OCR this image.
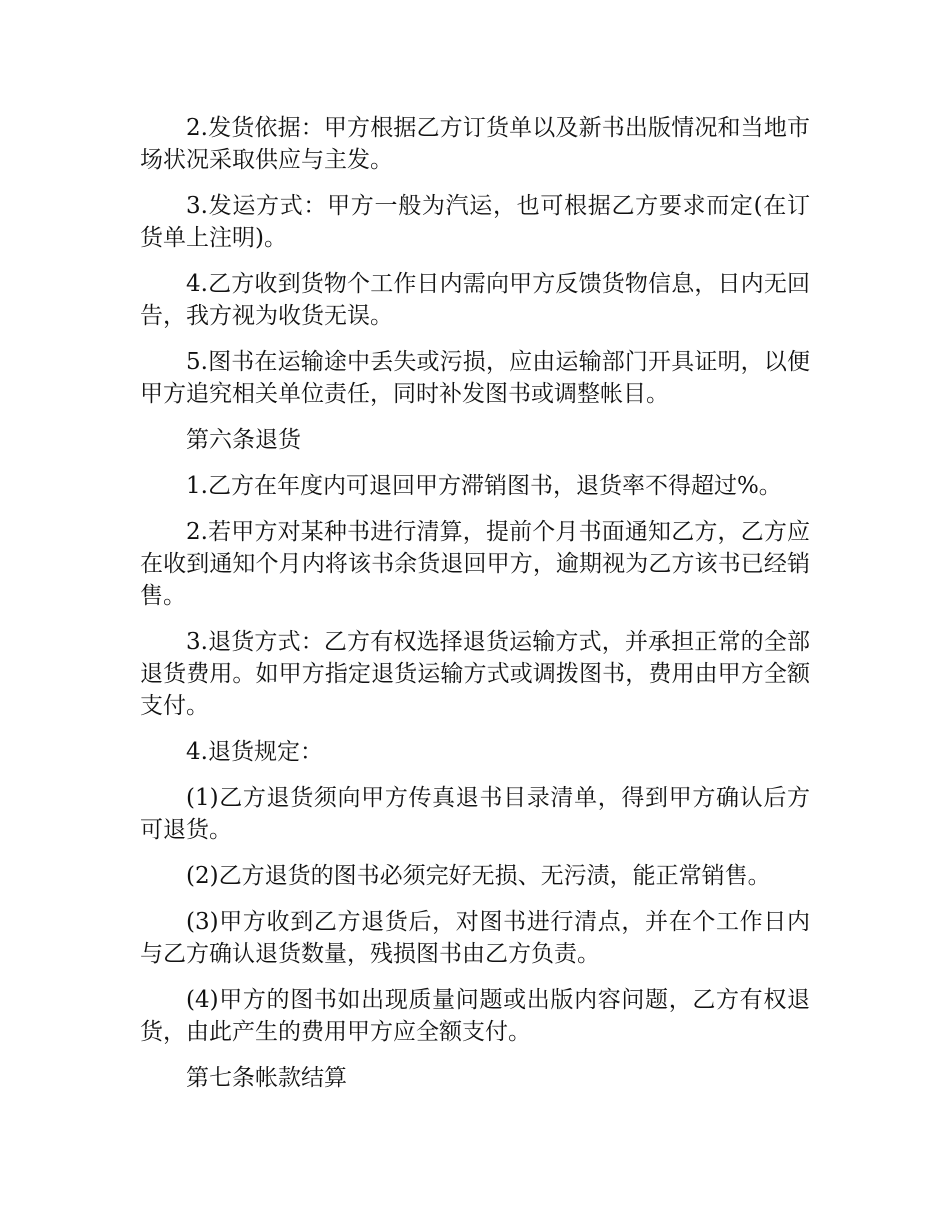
2.发货依据：甲方根据乙方订货单以及新书出版情况和当地市场状况采取供应与主发。

3.发运方式：甲方一般为汽运，也可根据乙方要求而定(在订货单上注明)。

4.乙方收到货物个工作日内需向甲方反馈货物信息，日内无回告，我方视为收货无误。

5.图书在运输途中丢失或污损，应由运输部门开具证明，以便甲方追究相关单位责任，同时补发图书或调整帐目。

第六条退货

1.乙方在年度内可退回甲方滞销图书，退货率不得超过%。

2.若甲方对某种书进行清算，提前个月书面通知乙方，乙方应在收到通知个月内将该书余货退回甲方，逾期视为乙方该书已经销售。

3.退货方式：乙方有权选择退货运输方式，并承担正常的全部退货费用。如甲方指定退货运输方式或调拨图书，费用由甲方全额支付。

4.退货规定：

(1)乙方退货须向甲方传真退书目录清单，得到甲方确认后方可退货。

(2)乙方退货的图书必须完好无损、无污渍，能正常销售。

(3)甲方收到乙方退货后，对图书进行清点，并在个工作日内与乙方确认退货数量，残损图书由乙方负责。

(4)甲方的图书如出现质量问题或出版内容问题，乙方有权退货，由此产生的费用甲方应全额支付。

第七条帐款结算
